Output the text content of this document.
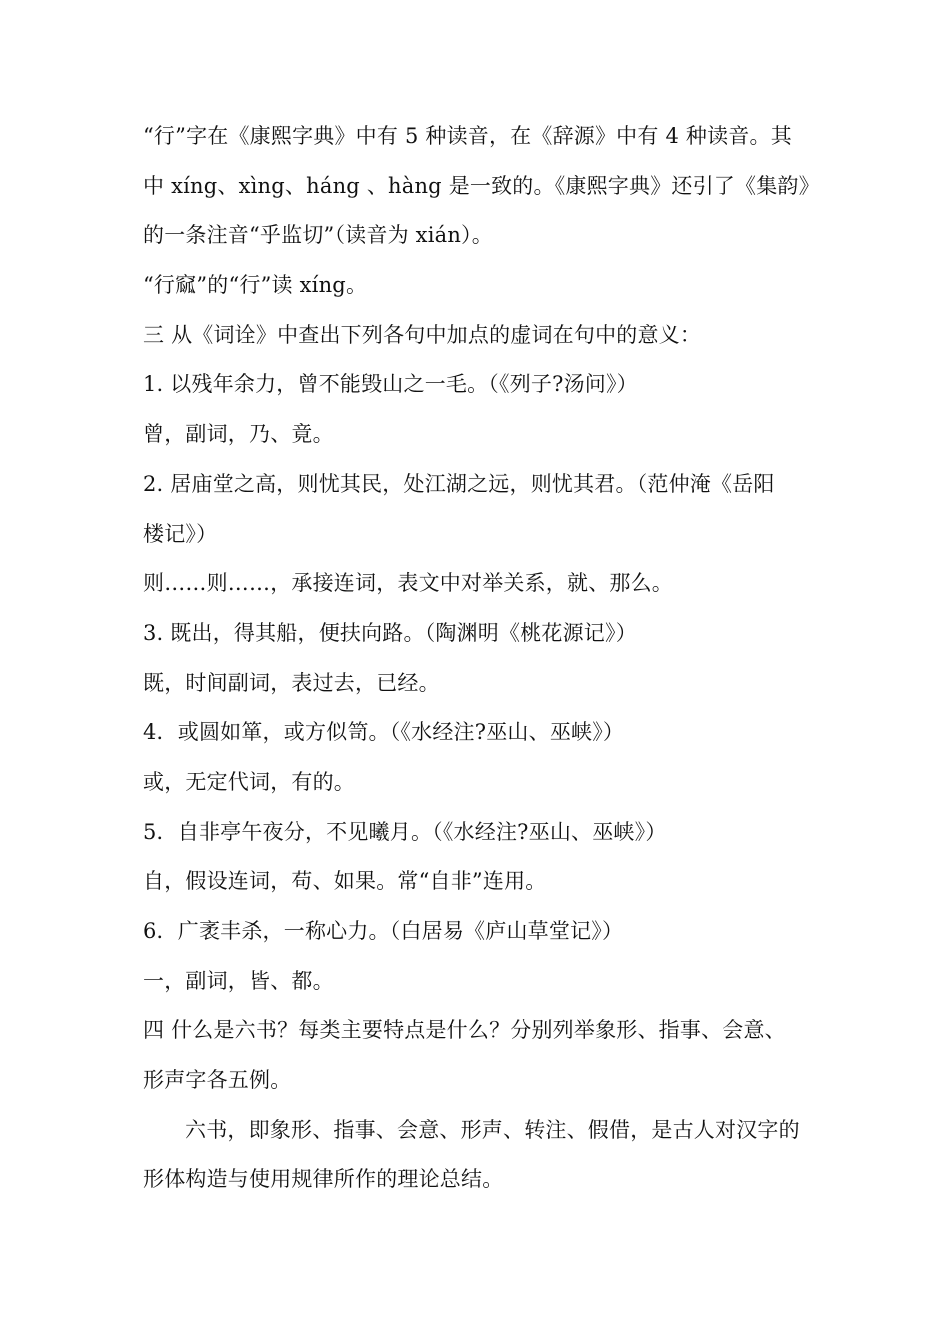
“行”字在《康熙字典》中有 5 种读音，在《辞源》中有 4 种读音。其
中 xíng、xìng、háng 、hàng 是一致的。《康熙字典》还引了《集韵》
的一条注音“乎监切”（读音为 xián）。
“行窳”的“行”读 xíng。
三 从《词诠》中查出下列各句中加点的虚词在句中的意义：
1. 以残年余力，曾不能毁山之一毛。（《列子?汤问》）
曾，副词，乃、竟。
2. 居庙堂之高，则忧其民，处江湖之远，则忧其君。（范仲淹《岳阳
楼记》）
则……则……，承接连词，表文中对举关系，就、那么。
3. 既出，得其船，便扶向路。（陶渊明《桃花源记》）
既，时间副词，表过去，已经。
4．或圆如箪，或方似笥。（《水经注?巫山、巫峡》）
或，无定代词，有的。
5．自非亭午夜分，不见曦月。（《水经注?巫山、巫峡》）
自，假设连词，苟、如果。常“自非”连用。
6．广袤丰杀，一称心力。（白居易《庐山草堂记》）
一，副词，皆、都。
四 什么是六书？每类主要特点是什么？分别列举象形、指事、会意、
形声字各五例。
六书，即象形、指事、会意、形声、转注、假借，是古人对汉字的
形体构造与使用规律所作的理论总结。
